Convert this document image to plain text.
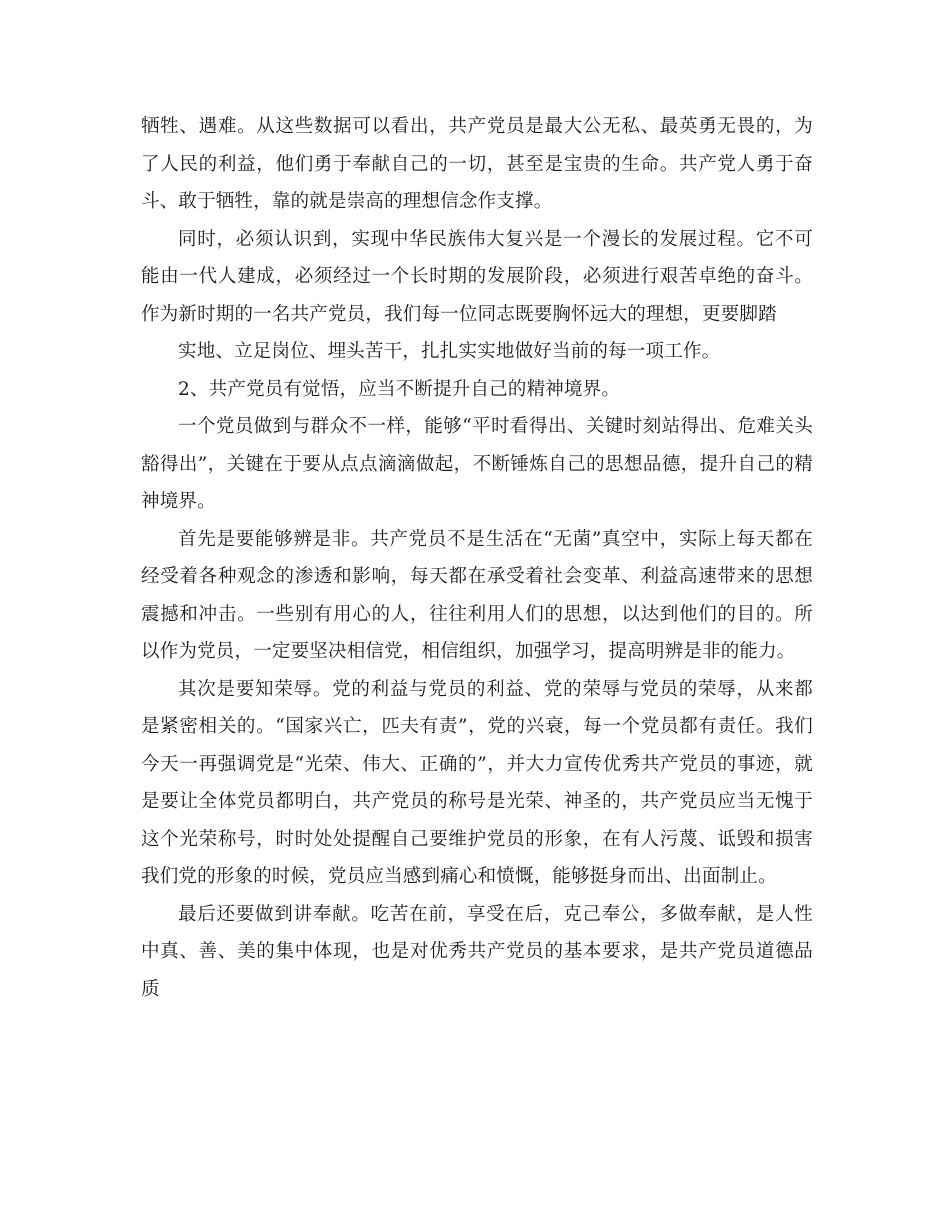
牺牲、遇难。从这些数据可以看出，共产党员是最大公无私、最英勇无畏的，为了人民的利益，他们勇于奉献自己的一切，甚至是宝贵的生命。共产党人勇于奋斗、敢于牺牲，靠的就是崇高的理想信念作支撑。

同时，必须认识到，实现中华民族伟大复兴是一个漫长的发展过程。它不可能由一代人建成，必须经过一个长时期的发展阶段，必须进行艰苦卓绝的奋斗。作为新时期的一名共产党员，我们每一位同志既要胸怀远大的理想，更要脚踏

实地、立足岗位、埋头苦干，扎扎实实地做好当前的每一项工作。

2、共产党员有觉悟，应当不断提升自己的精神境界。

一个党员做到与群众不一样，能够“平时看得出、关键时刻站得出、危难关头豁得出”，关键在于要从点点滴滴做起，不断锤炼自己的思想品德，提升自己的精神境界。

首先是要能够辨是非。共产党员不是生活在“无菌”真空中，实际上每天都在经受着各种观念的渗透和影响，每天都在承受着社会变革、利益高速带来的思想震撼和冲击。一些别有用心的人，往往利用人们的思想，以达到他们的目的。所以作为党员，一定要坚决相信党，相信组织，加强学习，提高明辨是非的能力。

其次是要知荣辱。党的利益与党员的利益、党的荣辱与党员的荣辱，从来都是紧密相关的。“国家兴亡，匹夫有责”，党的兴衰，每一个党员都有责任。我们今天一再强调党是“光荣、伟大、正确的”，并大力宣传优秀共产党员的事迹，就是要让全体党员都明白，共产党员的称号是光荣、神圣的，共产党员应当无愧于这个光荣称号，时时处处提醒自己要维护党员的形象，在有人污蔑、诋毁和损害我们党的形象的时候，党员应当感到痛心和愤慨，能够挺身而出、出面制止。

最后还要做到讲奉献。吃苦在前，享受在后，克己奉公，多做奉献，是人性中真、善、美的集中体现，也是对优秀共产党员的基本要求，是共产党员道德品质
